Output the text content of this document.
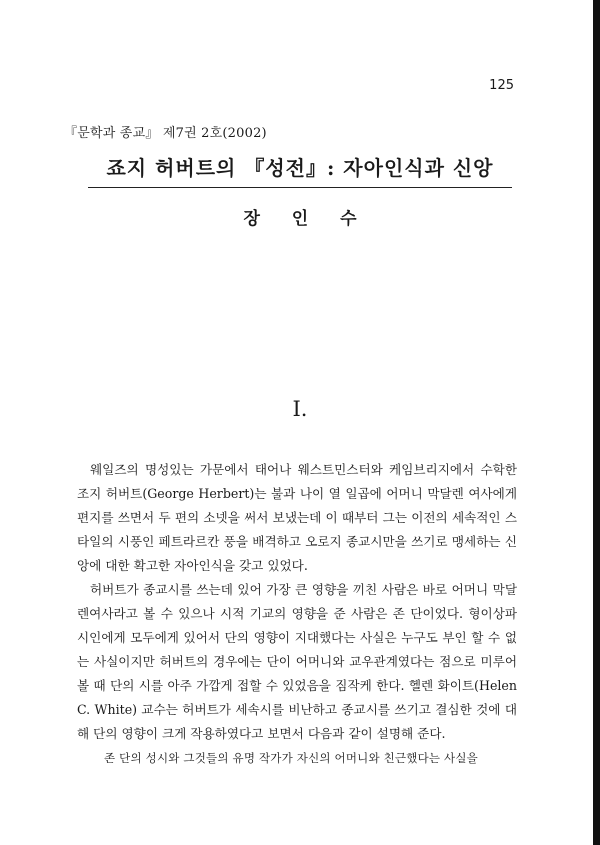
125
『문학과 종교』 제7권 2호(2002)
죠지 허버트의 『성전』: 자아인식과 신앙
장 인 수
I.

웨일즈의 명성있는 가문에서 태어나 웨스트민스터와 케임브리지에서 수학한 조지 허버트(George Herbert)는 불과 나이 열 일곱에 어머니 막달렌 여사에게 편지를 쓰면서 두 편의 소넷을 써서 보냈는데 이 때부터 그는 이전의 세속적인 스타일의 시풍인 페트라르칸 풍을 배격하고 오로지 종교시만을 쓰기로 맹세하는 신앙에 대한 확고한 자아인식을 갖고 있었다.

허버트가 종교시를 쓰는데 있어 가장 큰 영향을 끼친 사람은 바로 어머니 막달렌여사라고 볼 수 있으나 시적 기교의 영향을 준 사람은 존 단이었다. 형이상파 시인에게 모두에게 있어서 단의 영향이 지대했다는 사실은 누구도 부인 할 수 없는 사실이지만 허버트의 경우에는 단이 어머니와 교우관계였다는 점으로 미루어 볼 때 단의 시를 아주 가깝게 접할 수 있었음을 짐작케 한다. 헬렌 화이트(Helen C. White) 교수는 허버트가 세속시를 비난하고 종교시를 쓰기고 결심한 것에 대해 단의 영향이 크게 작용하였다고 보면서 다음과 같이 설명해 준다.

존 단의 성시와 그것들의 유명 작가가 자신의 어머니와 친근했다는 사실을
